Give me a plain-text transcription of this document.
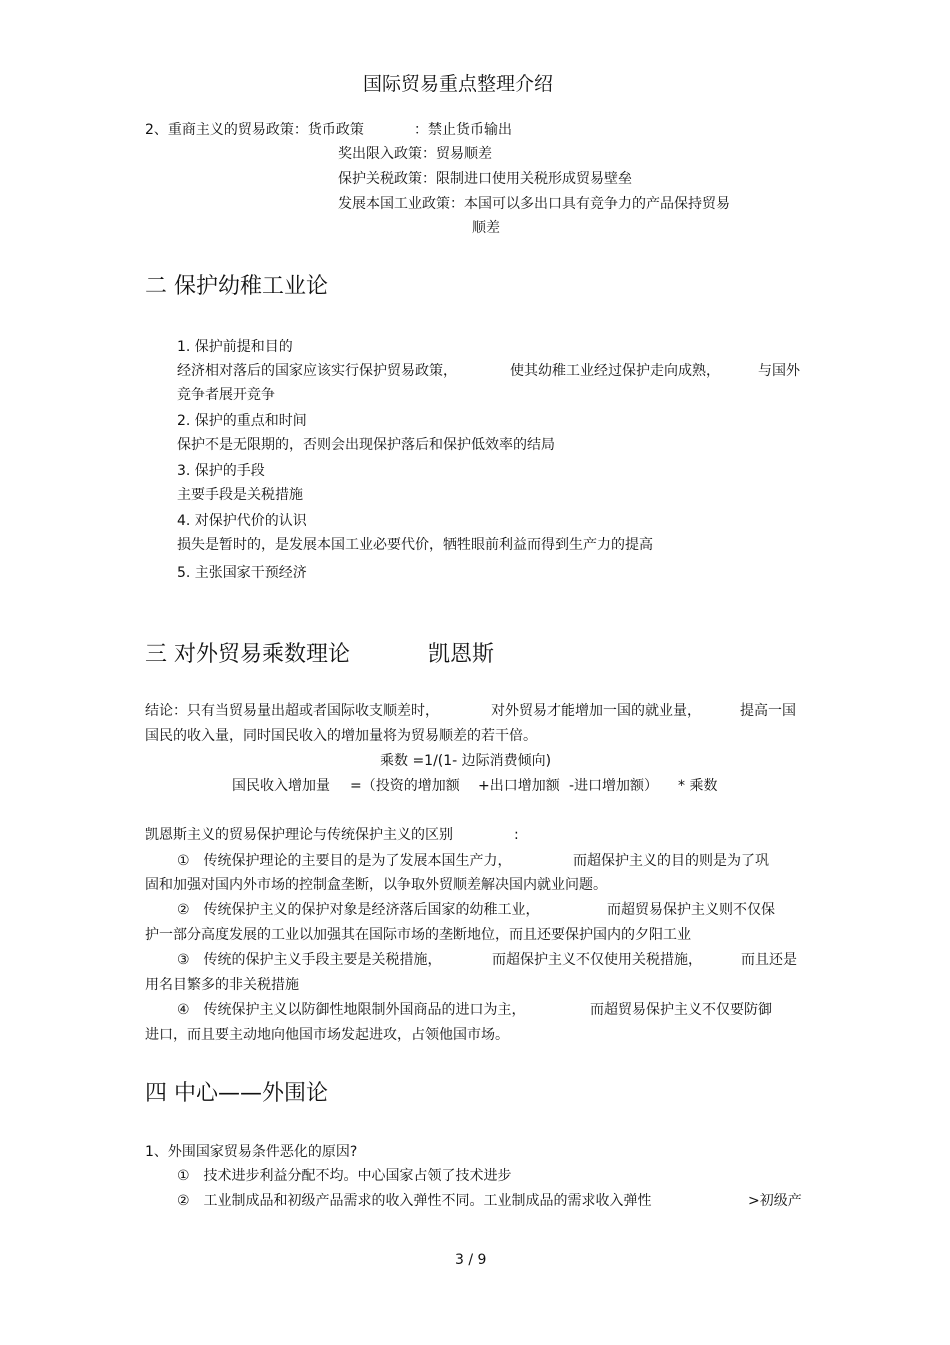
国际贸易重点整理介绍
2、重商主义的贸易政策：货币政策	：禁止货币输出
奖出限入政策：贸易顺差
保护关税政策：限制进口使用关税形成贸易壁垒
发展本国工业政策：本国可以多出口具有竞争力的产品保持贸易
顺差
二 保护幼稚工业论
1. 保护前提和目的
经济相对落后的国家应该实行保护贸易政策，	使其幼稚工业经过保护走向成熟，	与国外
竞争者展开竞争
2. 保护的重点和时间
保护不是无限期的，否则会出现保护落后和保护低效率的结局
3. 保护的手段
主要手段是关税措施
4. 对保护代价的认识
损失是暂时的，是发展本国工业必要代价，牺牲眼前利益而得到生产力的提高
5. 主张国家干预经济
三 对外贸易乘数理论	凯恩斯
结论：只有当贸易量出超或者国际收支顺差时，	对外贸易才能增加一国的就业量，	提高一国
国民的收入量，同时国民收入的增加量将为贸易顺差的若干倍。
乘数 =1/(1- 边际消费倾向)
国民收入增加量 =（投资的增加额 +出口增加额 -进口增加额） * 乘数
凯恩斯主义的贸易保护理论与传统保护主义的区别	:
①　传统保护理论的主要目的是为了发展本国生产力，	而超保护主义的目的则是为了巩
固和加强对国内外市场的控制盒垄断，以争取外贸顺差解决国内就业问题。
②　传统保护主义的保护对象是经济落后国家的幼稚工业，	而超贸易保护主义则不仅保
护一部分高度发展的工业以加强其在国际市场的垄断地位，而且还要保护国内的夕阳工业
③　传统的保护主义手段主要是关税措施，	而超保护主义不仅使用关税措施，	而且还是
用名目繁多的非关税措施
④　传统保护主义以防御性地限制外国商品的进口为主，	而超贸易保护主义不仅要防御
进口，而且要主动地向他国市场发起进攻，占领他国市场。
四 中心——外围论
1、外围国家贸易条件恶化的原因?
①　技术进步利益分配不均。中心国家占领了技术进步
②　工业制成品和初级产品需求的收入弹性不同。工业制成品的需求收入弹性	>初级产
3 / 9
